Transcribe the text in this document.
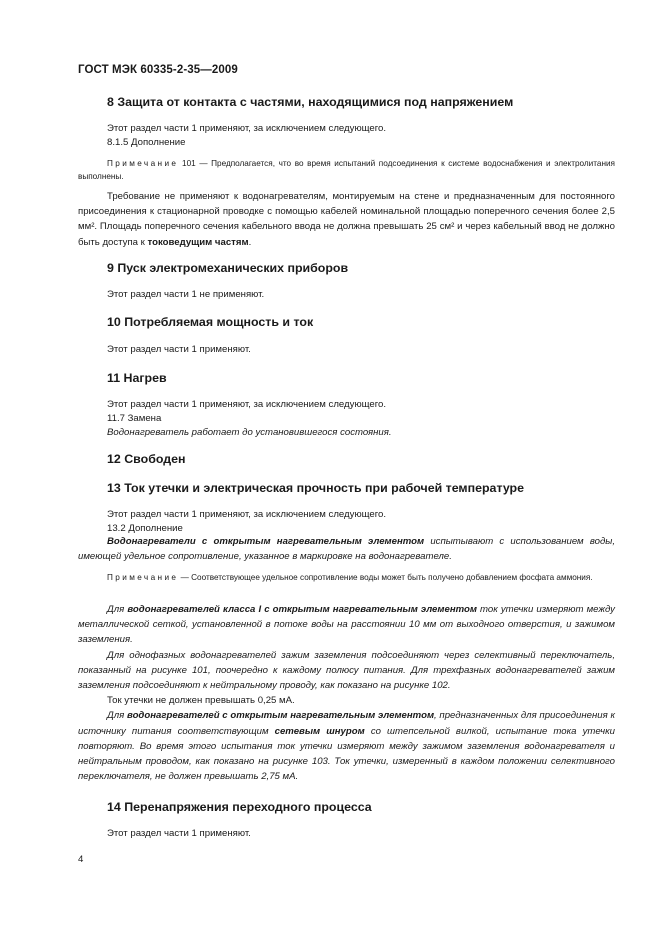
ГОСТ МЭК 60335-2-35—2009
8 Защита от контакта с частями, находящимися под напряжением
Этот раздел части 1 применяют, за исключением следующего.
8.1.5 Дополнение
Примечание 101 — Предполагается, что во время испытаний подсоединения к системе водоснабжения и электролитания выполнены.

Требование не применяют к водонагревателям, монтируемым на стене и предназначенным для постоянного присоединения к стационарной проводке с помощью кабелей номинальной площадью поперечного сечения более 2,5 мм². Площадь поперечного сечения кабельного ввода не должна превышать 25 см² и через кабельный ввод не должно быть доступа к токоведущим частям.

9 Пуск электромеханических приборов
Этот раздел части 1 не применяют.
10 Потребляемая мощность и ток
Этот раздел части 1 применяют.
11 Нагрев
Этот раздел части 1 применяют, за исключением следующего.
11.7 Замена
Водонагреватель работает до установившегося состояния.
12 Свободен
13 Ток утечки и электрическая прочность при рабочей температуре
Этот раздел части 1 применяют, за исключением следующего.
13.2 Дополнение

Водонагреватели с открытым нагревательным элементом испытывают с использованием воды, имеющей удельное сопротивление, указанное в маркировке на водонагревателе.

Примечание — Соответствующее удельное сопротивление воды может быть получено добавлением фосфата аммония.

Для водонагревателей класса I с открытым нагревательным элементом ток утечки измеряют между металлической сеткой, установленной в потоке воды на расстоянии 10 мм от выходного отверстия, и зажимом заземления.

Для однофазных водонагревателей зажим заземления подсоединяют через селективный переключатель, показанный на рисунке 101, поочередно к каждому полюсу питания. Для трехфазных водонагревателей зажим заземления подсоединяют к нейтральному проводу, как показано на рисунке 102.

Ток утечки не должен превышать 0,25 мА.

Для водонагревателей с открытым нагревательным элементом, предназначенных для присоединения к источнику питания соответствующим сетевым шнуром со штепсельной вилкой, испытание тока утечки повторяют. Во время этого испытания ток утечки измеряют между зажимом заземления водонагревателя и нейтральным проводом, как показано на рисунке 103. Ток утечки, измеренный в каждом положении селективного переключателя, не должен превышать 2,75 мА.

14 Перенапряжения переходного процесса
Этот раздел части 1 применяют.
4
